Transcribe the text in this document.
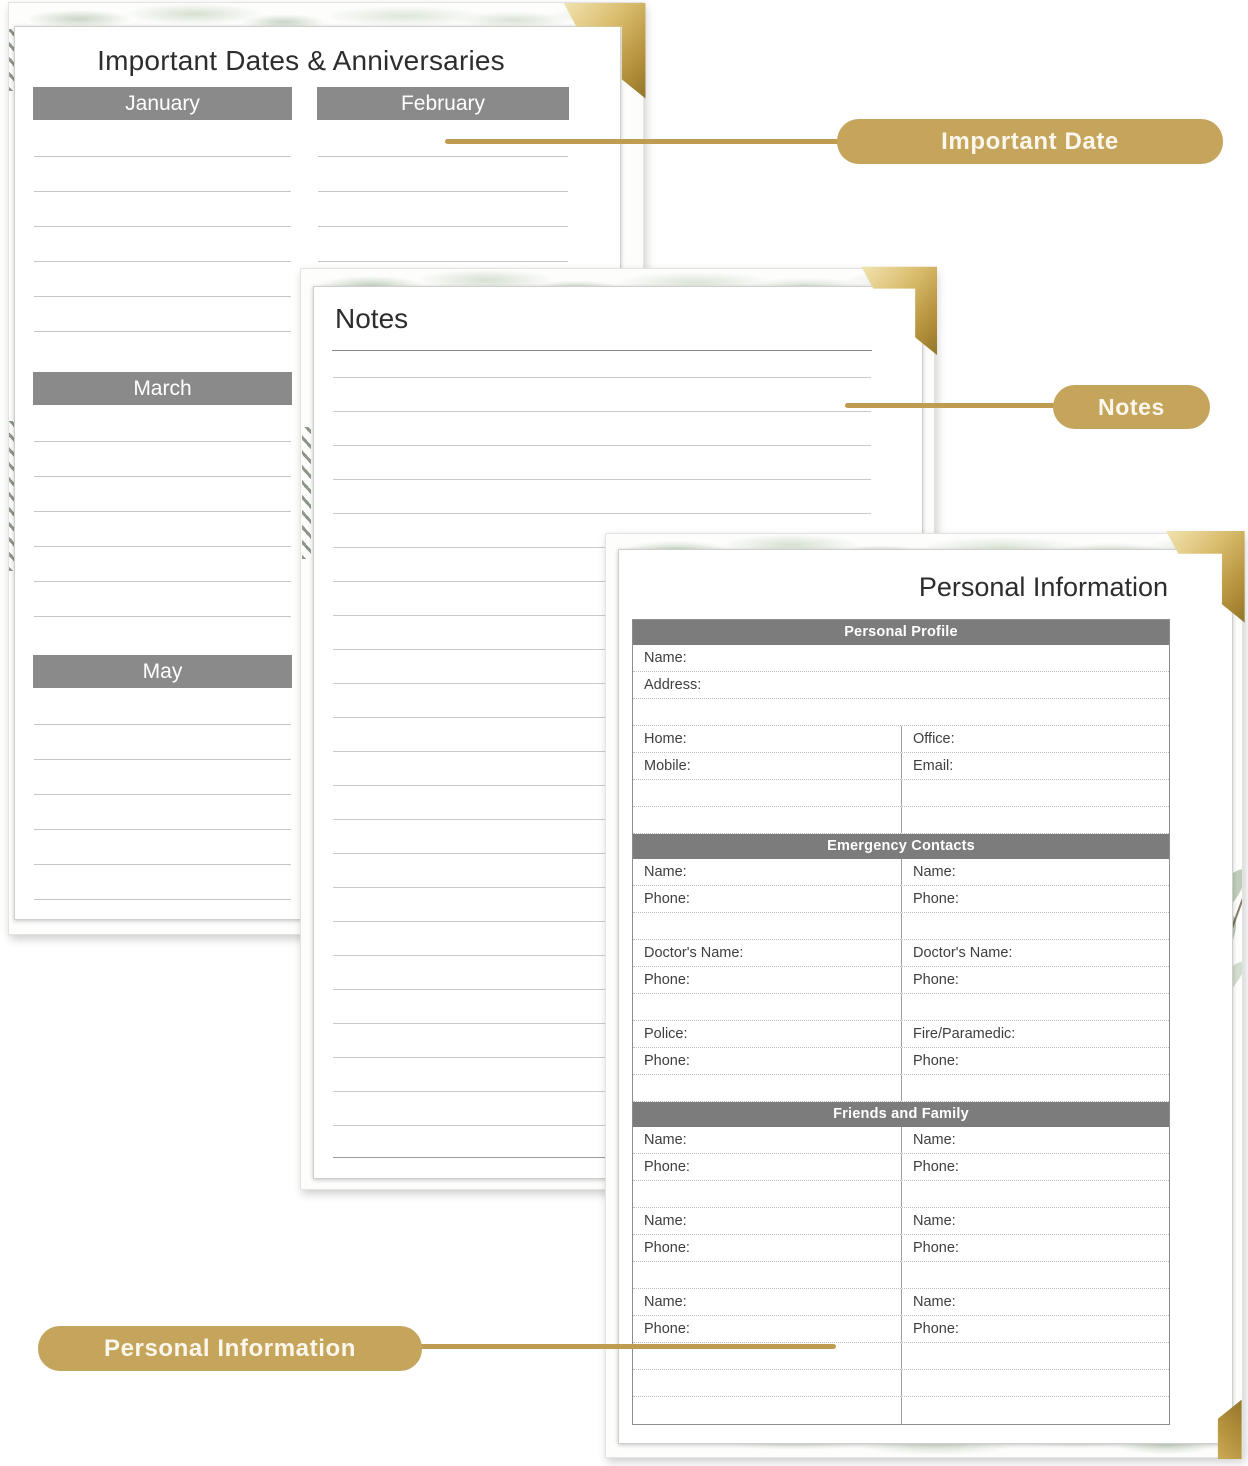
Important Dates & Anniversaries
January	February
March
May
Notes
Personal Information
Personal Profile
Name:
Address:
Home:	Office:
Mobile:	Email:
Emergency Contacts
Name:	Name:
Phone:	Phone:
Doctor's Name:	Doctor's Name:
Phone:	Phone:
Police:	Fire/Paramedic:
Phone:	Phone:
Friends and Family
Name:	Name:
Phone:	Phone:
Name:	Name:
Phone:	Phone:
Name:	Name:
Phone:	Phone:
Important Date
Notes
Personal Information
